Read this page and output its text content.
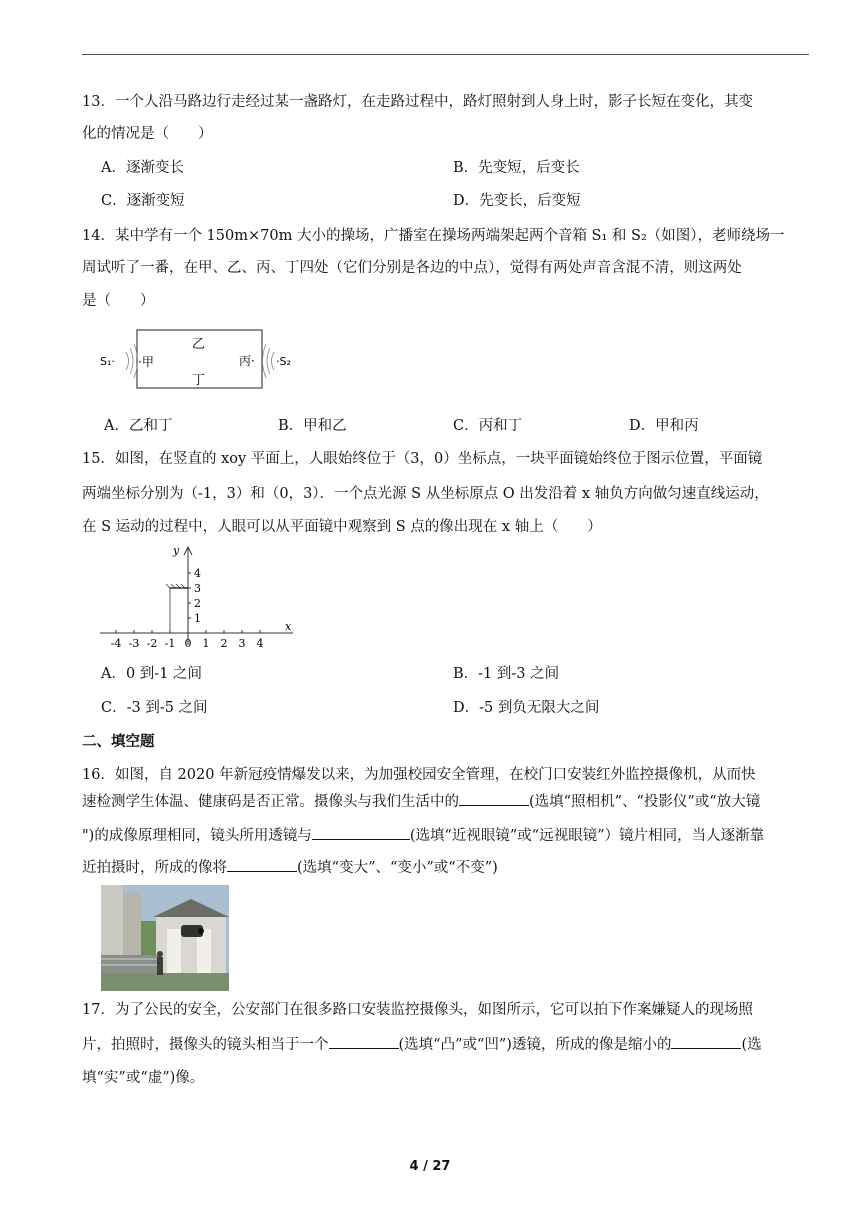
13．一个人沿马路边行走经过某一盏路灯，在走路过程中，路灯照射到人身上时，影子长短在变化，其变
化的情况是（　　）
A．逐渐变长	B．先变短，后变长
C．逐渐变短	D．先变长，后变短
14．某中学有一个 150m×70m 大小的操场，广播室在操场两端架起两个音箱 S₁ 和 S₂（如图），老师绕场一
周试听了一番，在甲、乙、丙、丁四处（它们分别是各边的中点），觉得有两处声音含混不清，则这两处
是（　　）
S₁· ·甲
乙
丙·
丁
·S₂
A．乙和丁	B．甲和乙	C．丙和丁	D．甲和丙
15．如图，在竖直的 xoy 平面上，人眼始终位于（3，0）坐标点，一块平面镜始终位于图示位置，平面镜
两端坐标分别为（-1，3）和（0，3）．一个点光源 S 从坐标原点 O 出发沿着 x 轴负方向做匀速直线运动，
在 S 运动的过程中，人眼可以从平面镜中观察到 S 点的像出现在 x 轴上（　　）
y
x
-4 -3 -2 -1 0 1 2 3 4
1
2
3
4
A．0 到-1 之间	B．-1 到-3 之间
C．-3 到-5 之间	D．-5 到负无限大之间
二、填空题
16．如图，自 2020 年新冠疫情爆发以来，为加强校园安全管理，在校门口安装红外监控摄像机，从而快
速检测学生体温、健康码是否正常。摄像头与我们生活中的	(选填“照相机”、“投影仪”或“放大镜
")的成像原理相同，镜头所用透镜与	(选填“近视眼镜”或“远视眼镜”）镜片相同，当人逐渐靠
近拍摄时，所成的像将	(选填“变大”、“变小”或“不变”)
17．为了公民的安全，公安部门在很多路口安装监控摄像头，如图所示，它可以拍下作案嫌疑人的现场照
片，拍照时，摄像头的镜头相当于一个	(选填“凸”或“凹”)透镜，所成的像是缩小的	(选
填“实”或“虚”)像。
4 / 27
